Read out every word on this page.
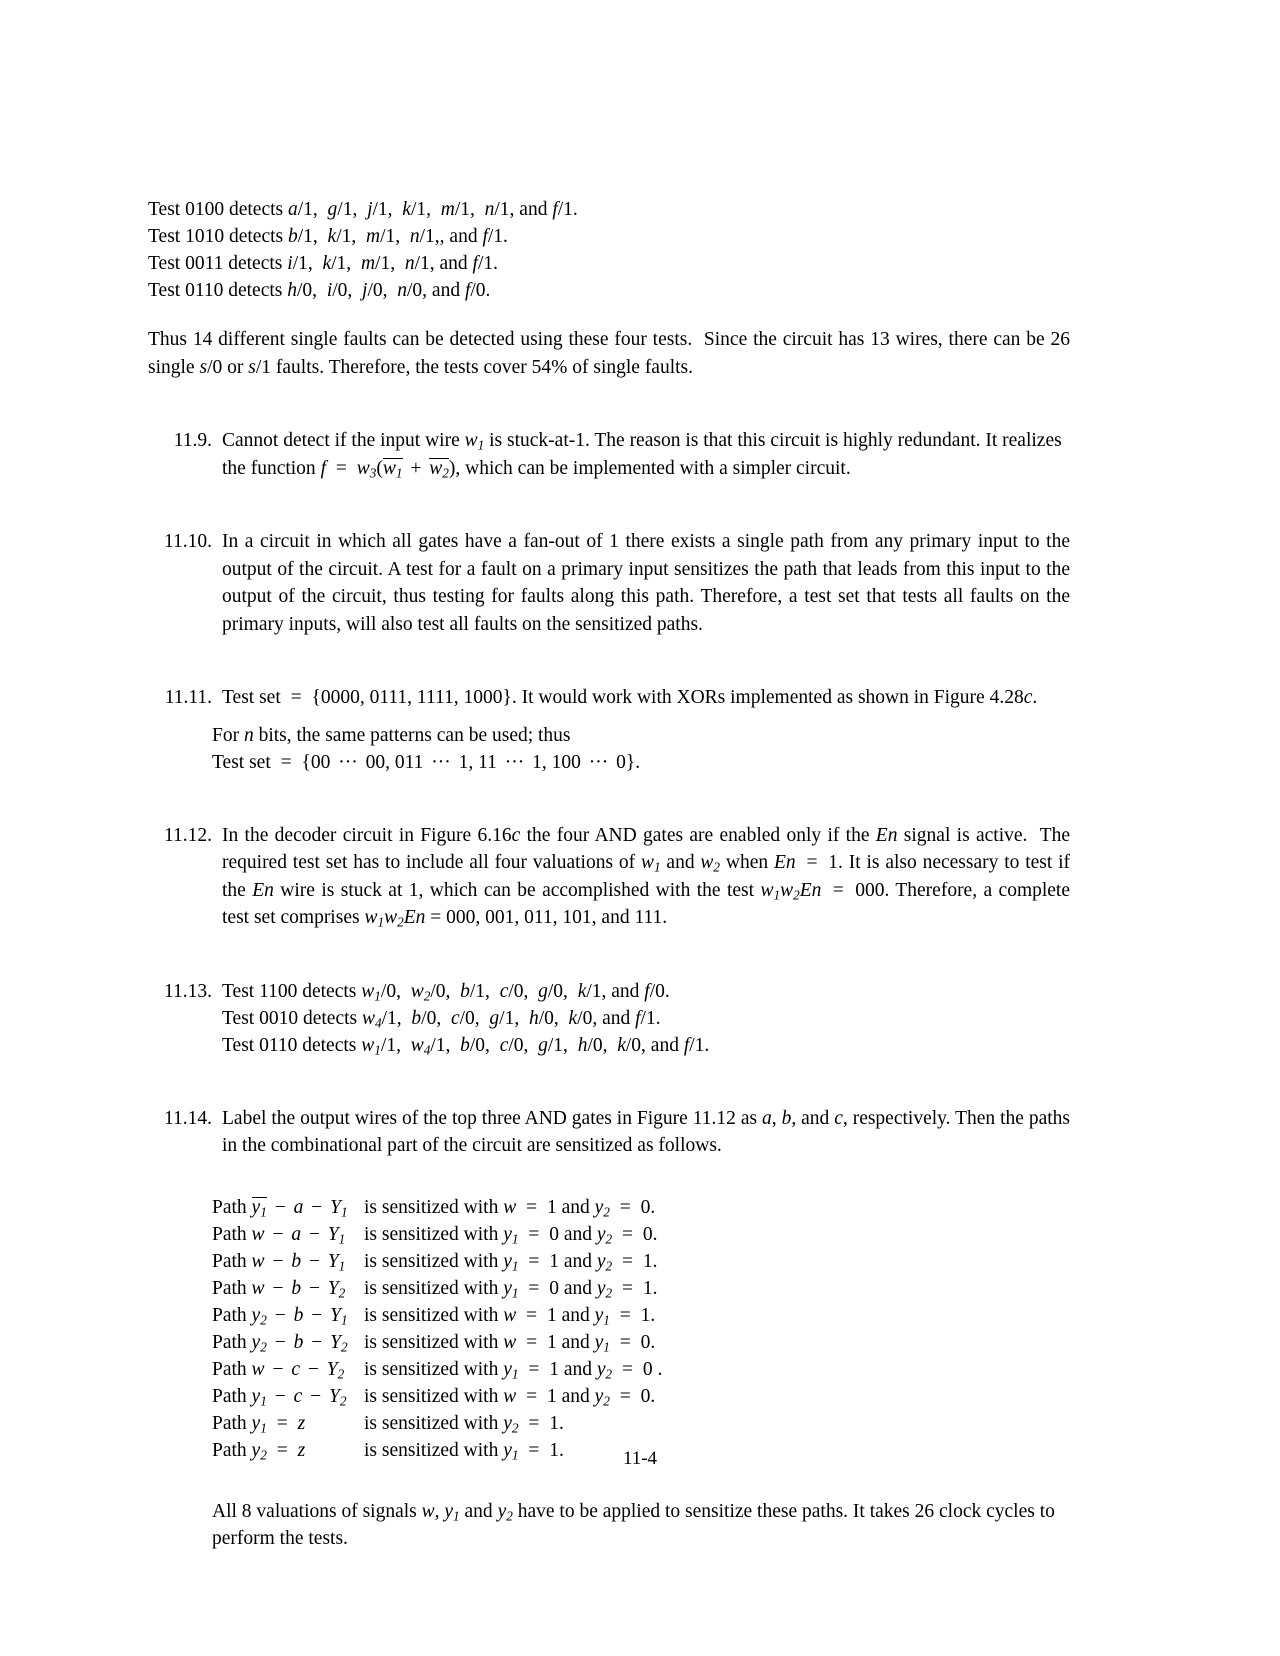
Test 0100 detects a/1, g/1, j/1, k/1, m/1, n/1, and f/1.
Test 1010 detects b/1, k/1, m/1, n/1,, and f/1.
Test 0011 detects i/1, k/1, m/1, n/1, and f/1.
Test 0110 detects h/0, i/0, j/0, n/0, and f/0.
Thus 14 different single faults can be detected using these four tests.  Since the circuit has 13 wires, there can be 26 single s/0 or s/1 faults. Therefore, the tests cover 54% of single faults.
11.9. Cannot detect if the input wire $w_1$ is stuck-at-1. The reason is that this circuit is highly redundant. It realizes

the function $f = w_3(w_1 + w_2)$, which can be implemented with a simpler circuit.

11.10. In a circuit in which all gates have a fan-out of 1 there exists a single path from any primary input to the output of the circuit. A test for a fault on a primary input sensitizes the path that leads from this input to the output of the circuit, thus testing for faults along this path. Therefore, a test set that tests all faults on the primary inputs, will also test all faults on the sensitized paths.
11.11. Test set = {0000, 0111, 1111, 1000}. It would work with XORs implemented as shown in Figure 4.28c.

For n bits, the same patterns can be used; thus
Test set = {00 ··· 00, 011 ··· 1, 11 ··· 1, 100 ··· 0}.
11.12. In the decoder circuit in Figure 6.16c the four AND gates are enabled only if the En signal is active.  The required test set has to include all four valuations of $w_1$ and $w_2$ when En = 1. It is also necessary to test if the En wire is stuck at 1, which can be accomplished with the test $w_1w_2En = 000$. Therefore, a complete test set comprises $w_1w_2En = 000$, 001, 011, 101, and 111.
11.13. Test 1100 detects $w_1/0$, $w_2/0$, b/1, c/0, g/0, k/1, and f/0.
Test 0010 detects $w_4/1$, b/0, c/0, g/1, h/0, k/0, and f/1.
Test 0110 detects $w_1/1$, $w_4/1$, b/0, c/0, g/1, h/0, k/0, and f/1.
11.14. Label the output wires of the top three AND gates in Figure 11.12 as a, b, and c, respectively. Then the paths in the combinational part of the circuit are sensitized as follows.
Path $y_1 - a - Y_1$ is sensitized with w = 1 and $y_2 = 0$.
Path $w - a - Y_1$ is sensitized with $y_1 = 0$ and $y_2 = 0$.
Path $w - b - Y_1$ is sensitized with $y_1 = 1$ and $y_2 = 1$.
Path $w - b - Y_2$ is sensitized with $y_1 = 0$ and $y_2 = 1$.
Path $y_2 - b - Y_1$ is sensitized with w = 1 and $y_1 = 1$.
Path $y_2 - b - Y_2$ is sensitized with w = 1 and $y_1 = 0$.
Path $w - c - Y_2$	is sensitized with $y_1 = 1$ and $y_2 = 0$ .
Path $y_1 - c - Y_2$ is sensitized with w = 1 and $y_2 = 0$.
Path $y_1 = z$	is sensitized with $y_2 = 1$.
Path $y_2 = z$	is sensitized with $y_1 = 1$.
All 8 valuations of signals w, $y_1$ and $y_2$ have to be applied to sensitize these paths. It takes 26 clock cycles to perform the tests.
11-4
